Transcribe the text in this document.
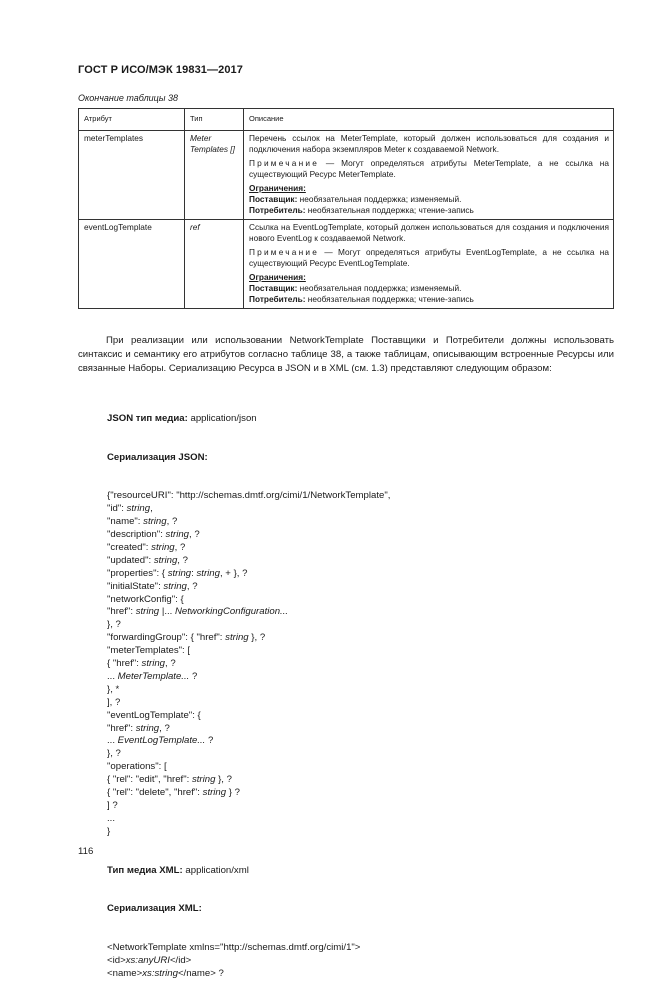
ГОСТ Р ИСО/МЭК 19831—2017
Окончание таблицы 38
Атрибут	Тип	Описание
meterTemplates	Meter Templates []	Перечень ссылок на MeterTemplate, который должен использоваться для создания и подключения набора экземпляров Meter к создаваемой Network.

Примечание — Могут определяться атрибуты MeterTemplate, а не ссылка на существующий Ресурс MeterTemplate.

Ограничения:
Поставщик: необязательная поддержка; изменяемый.
Потребитель: необязательная поддержка; чтение-запись

eventLogTemplate	ref	Ссылка на EventLogTemplate, который должен использоваться для создания и подключения нового EventLog к создаваемой Network.

Примечание — Могут определяться атрибуты EventLogTemplate, а не ссылка на существующий Ресурс EventLogTemplate.

Ограничения:
Поставщик: необязательная поддержка; изменяемый.
Потребитель: необязательная поддержка; чтение-запись
При реализации или использовании NetworkTemplate Поставщики и Потребители должны использовать синтаксис и семантику его атрибутов согласно таблице 38, а также таблицам, описывающим встроенные Ресурсы или связанные Наборы. Сериализацию Ресурса в JSON и в XML (см. 1.3) представляют следующим образом:

JSON тип медиа: application/json

Сериализация JSON:

{"resourceURI": "http://schemas.dmtf.org/cimi/1/NetworkTemplate",
"id": string,
"name": string, ?
"description": string, ?
"created": string, ?
"updated": string, ?
"properties": { string: string, + }, ?
"initialState": string, ?
"networkConfig": {
"href": string |... NetworkingConfiguration...
}, ?
"forwardingGroup": { "href": string }, ?
"meterTemplates": [
{ "href": string, ?
... MeterTemplate... ?
}, *
], ?
"eventLogTemplate": {
"href": string, ?
... EventLogTemplate... ?
}, ?
"operations": [
{ "rel": "edit", "href": string }, ?
{ "rel": "delete", "href": string } ?
] ?
...
}

Тип медиа XML: application/xml

Сериализация XML:

<NetworkTemplate xmlns="http://schemas.dmtf.org/cimi/1">
<id>xs:anyURI</id>
<name>xs:string</name> ?

116
